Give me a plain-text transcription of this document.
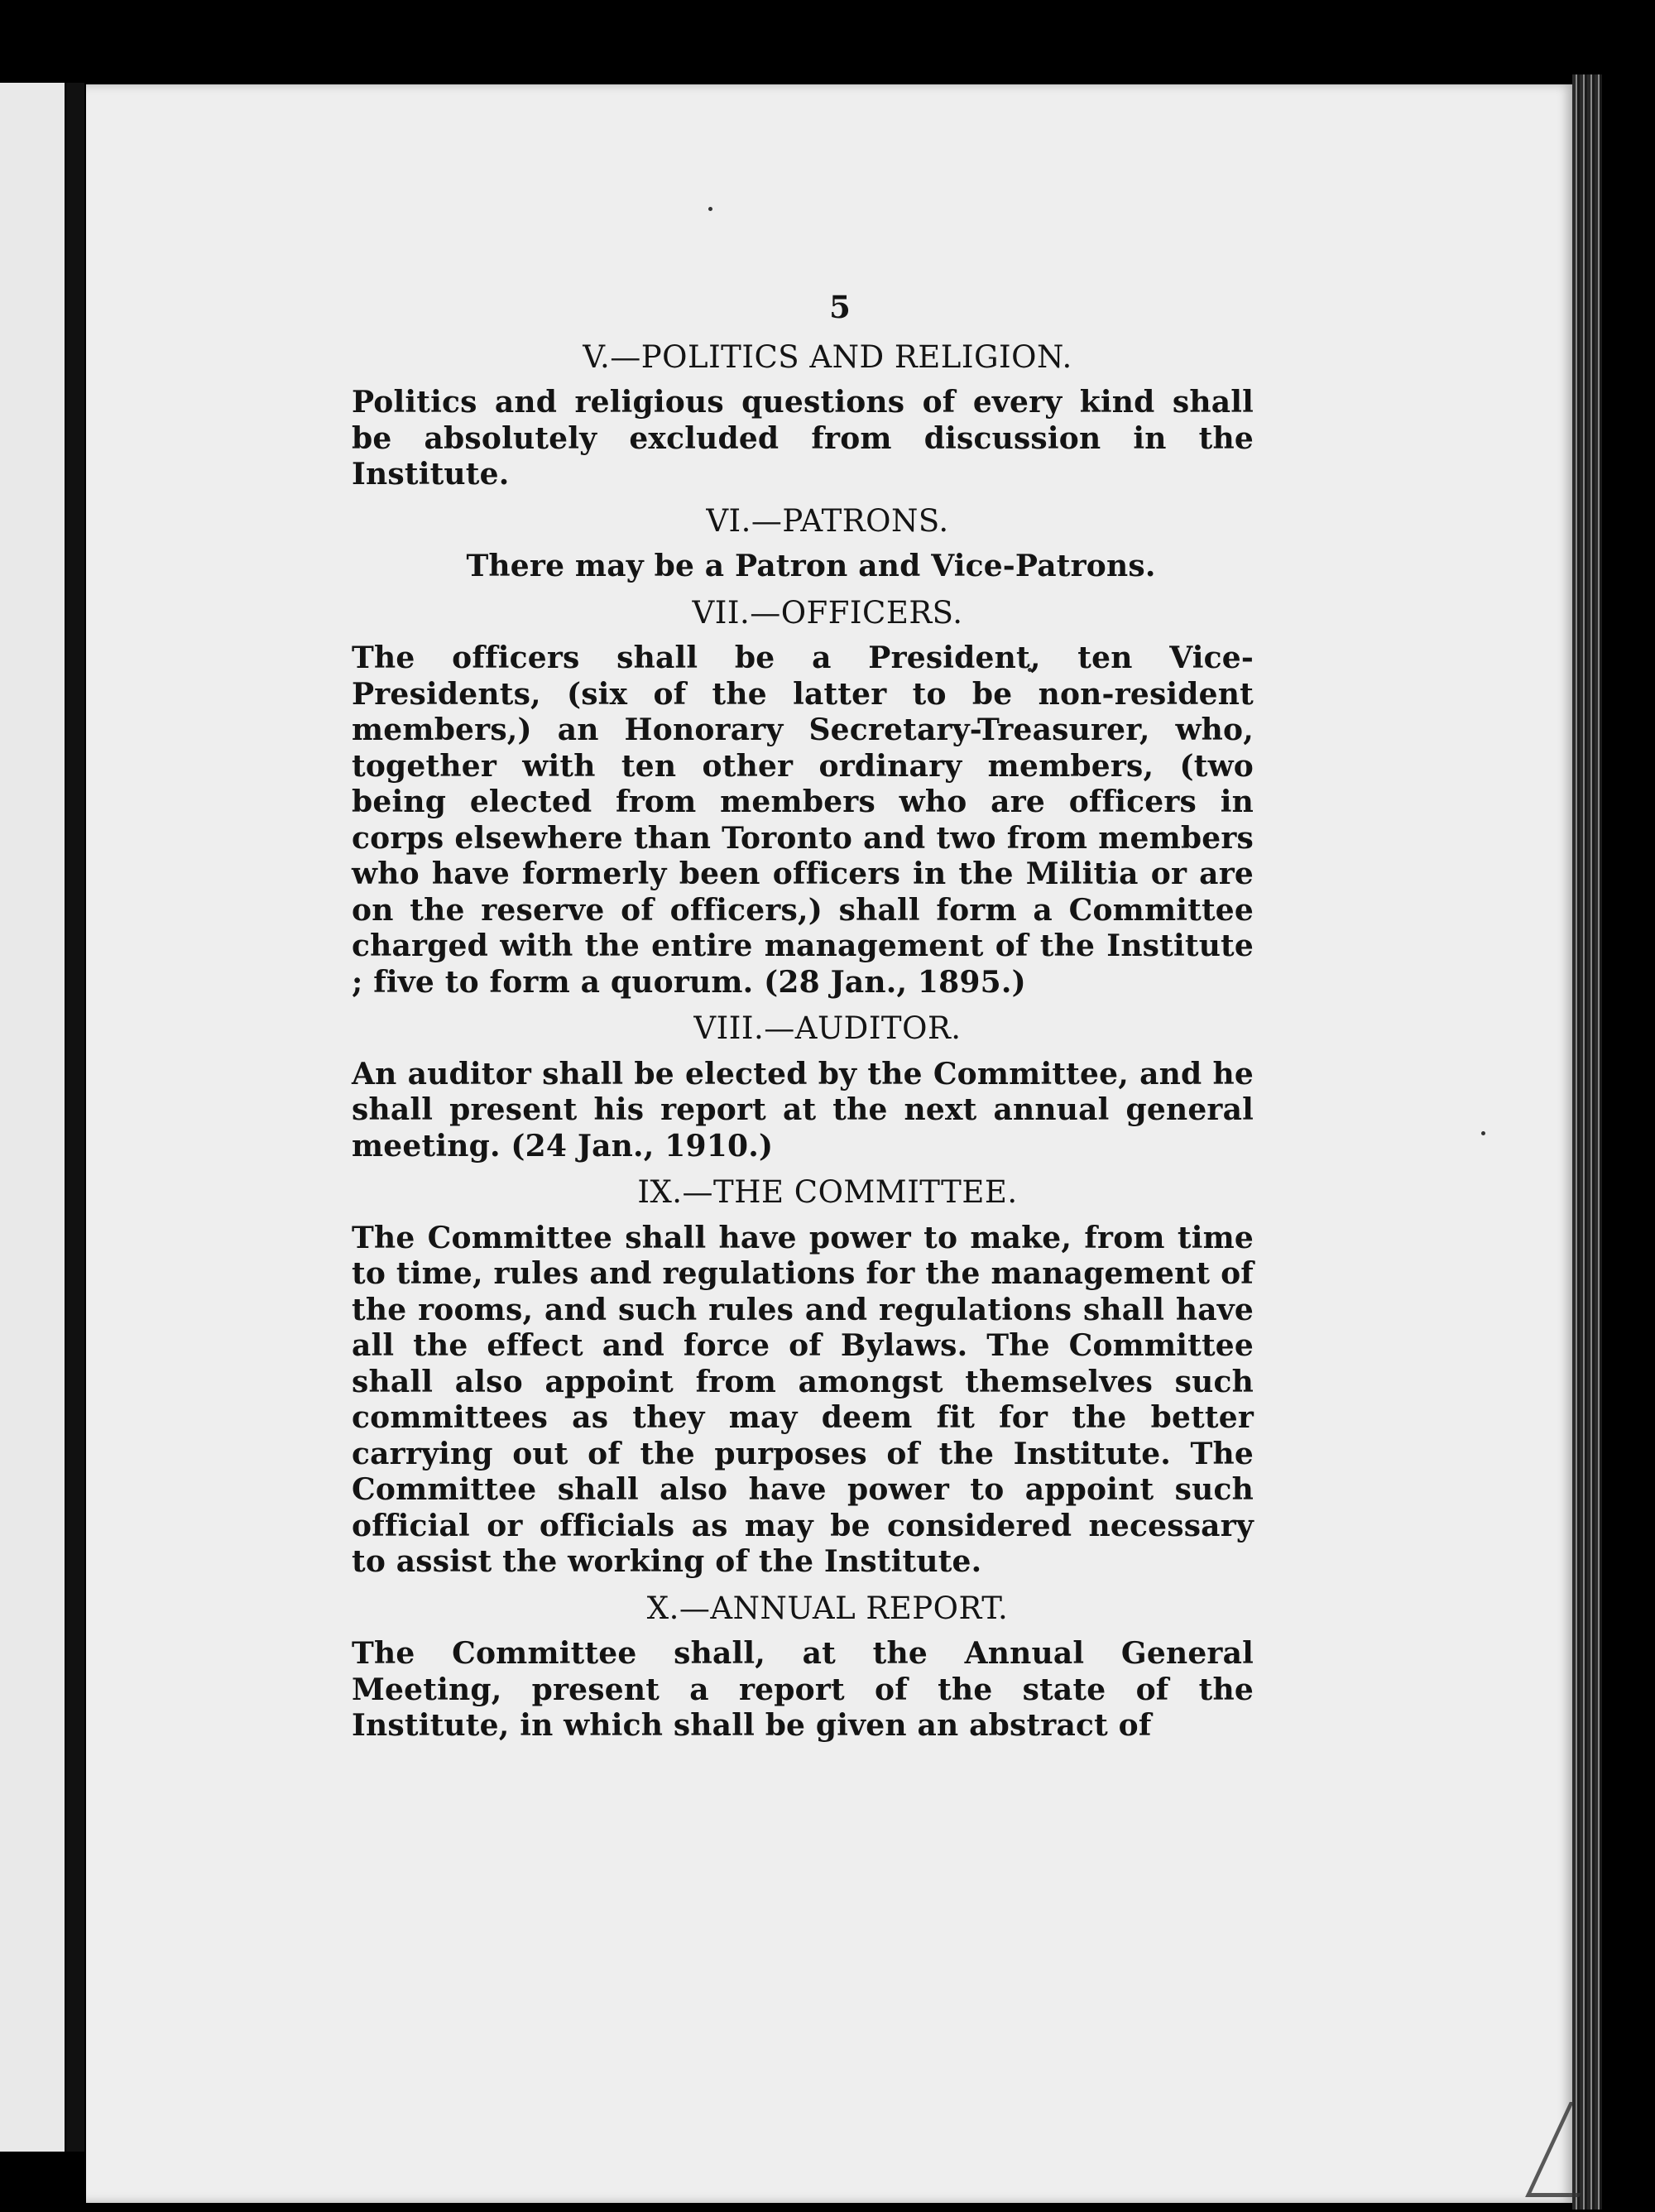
5
V.—POLITICS AND RELIGION.

Politics and religious questions of every kind shall be absolutely excluded from discussion in the Institute.

VI.—PATRONS.

There may be a Patron and Vice-Patrons.

VII.—OFFICERS.

The officers shall be a President, ten Vice-Presidents, (six of the latter to be non-resident members,) an Honorary Secretary-Treasurer, who, together with ten other ordinary members, (two being elected from members who are officers in corps elsewhere than Toronto and two from members who have formerly been officers in the Militia or are on the reserve of officers,) shall form a Committee charged with the entire management of the Institute ; five to form a quorum. (28 Jan., 1895.)

VIII.—AUDITOR.

An auditor shall be elected by the Committee, and he shall present his report at the next annual general meeting. (24 Jan., 1910.)

IX.—THE COMMITTEE.

The Committee shall have power to make, from time to time, rules and regulations for the management of the rooms, and such rules and regulations shall have all the effect and force of Bylaws. The Committee shall also appoint from amongst themselves such committees as they may deem fit for the better carrying out of the purposes of the Institute. The Committee shall also have power to appoint such official or officials as may be considered necessary to assist the working of the Institute.

X.—ANNUAL REPORT.

The Committee shall, at the Annual General Meeting, present a report of the state of the Institute, in which shall be given an abstract of
